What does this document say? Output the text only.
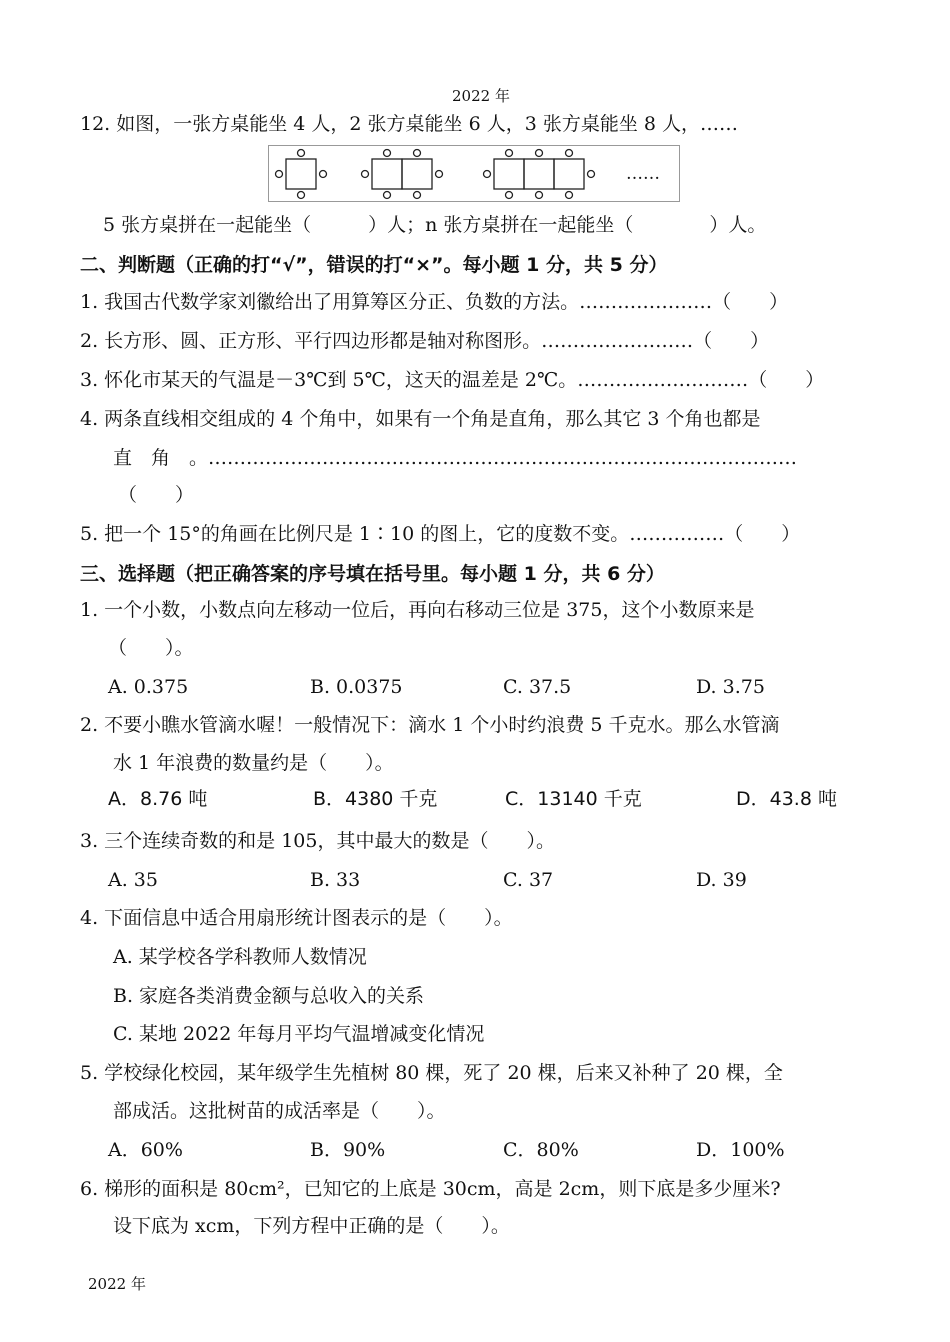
2022 年
12. 如图，一张方桌能坐 4 人，2 张方桌能坐 6 人，3 张方桌能坐 8 人，……
……
5 张方桌拼在一起能坐（　　　）人；n 张方桌拼在一起能坐（　　　　）人。
二、判断题（正确的打“√”，错误的打“×”。每小题 1 分，共 5 分）
1. 我国古代数学家刘徽给出了用算筹区分正、负数的方法。…………………（　　）
2. 长方形、圆、正方形、平行四边形都是轴对称图形。……………………（　　）
3. 怀化市某天的气温是－3℃到 5℃，这天的温差是 2℃。………………………（　　）
4. 两条直线相交组成的 4 个角中，如果有一个角是直角，那么其它 3 个角也都是
直　角　。…………………………………………………………………………………
（　　）
5. 把一个 15°的角画在比例尺是 1∶10 的图上，它的度数不变。……………（　　）
三、选择题（把正确答案的序号填在括号里。每小题 1 分，共 6 分）
1. 一个小数，小数点向左移动一位后，再向右移动三位是 375，这个小数原来是
（　　）。
A. 0.375	B. 0.0375	C. 37.5	D. 3.75
2. 不要小瞧水管滴水喔！一般情况下：滴水 1 个小时约浪费 5 千克水。那么水管滴
水 1 年浪费的数量约是（　　）。
A．8.76 吨	B．4380 千克	C．13140 千克	D．43.8 吨
3. 三个连续奇数的和是 105，其中最大的数是（　　）。
A. 35	B. 33	C. 37	D. 39
4. 下面信息中适合用扇形统计图表示的是（　　）。
A. 某学校各学科教师人数情况
B. 家庭各类消费金额与总收入的关系
C. 某地 2022 年每月平均气温增减变化情况
5. 学校绿化校园，某年级学生先植树 80 棵，死了 20 棵，后来又补种了 20 棵，全
部成活。这批树苗的成活率是（　　）。
A．60%	B．90%	C．80%	D．100%
6. 梯形的面积是 80cm²，已知它的上底是 30cm，高是 2cm，则下底是多少厘米?
设下底为 xcm，下列方程中正确的是（　　）。
2022 年
